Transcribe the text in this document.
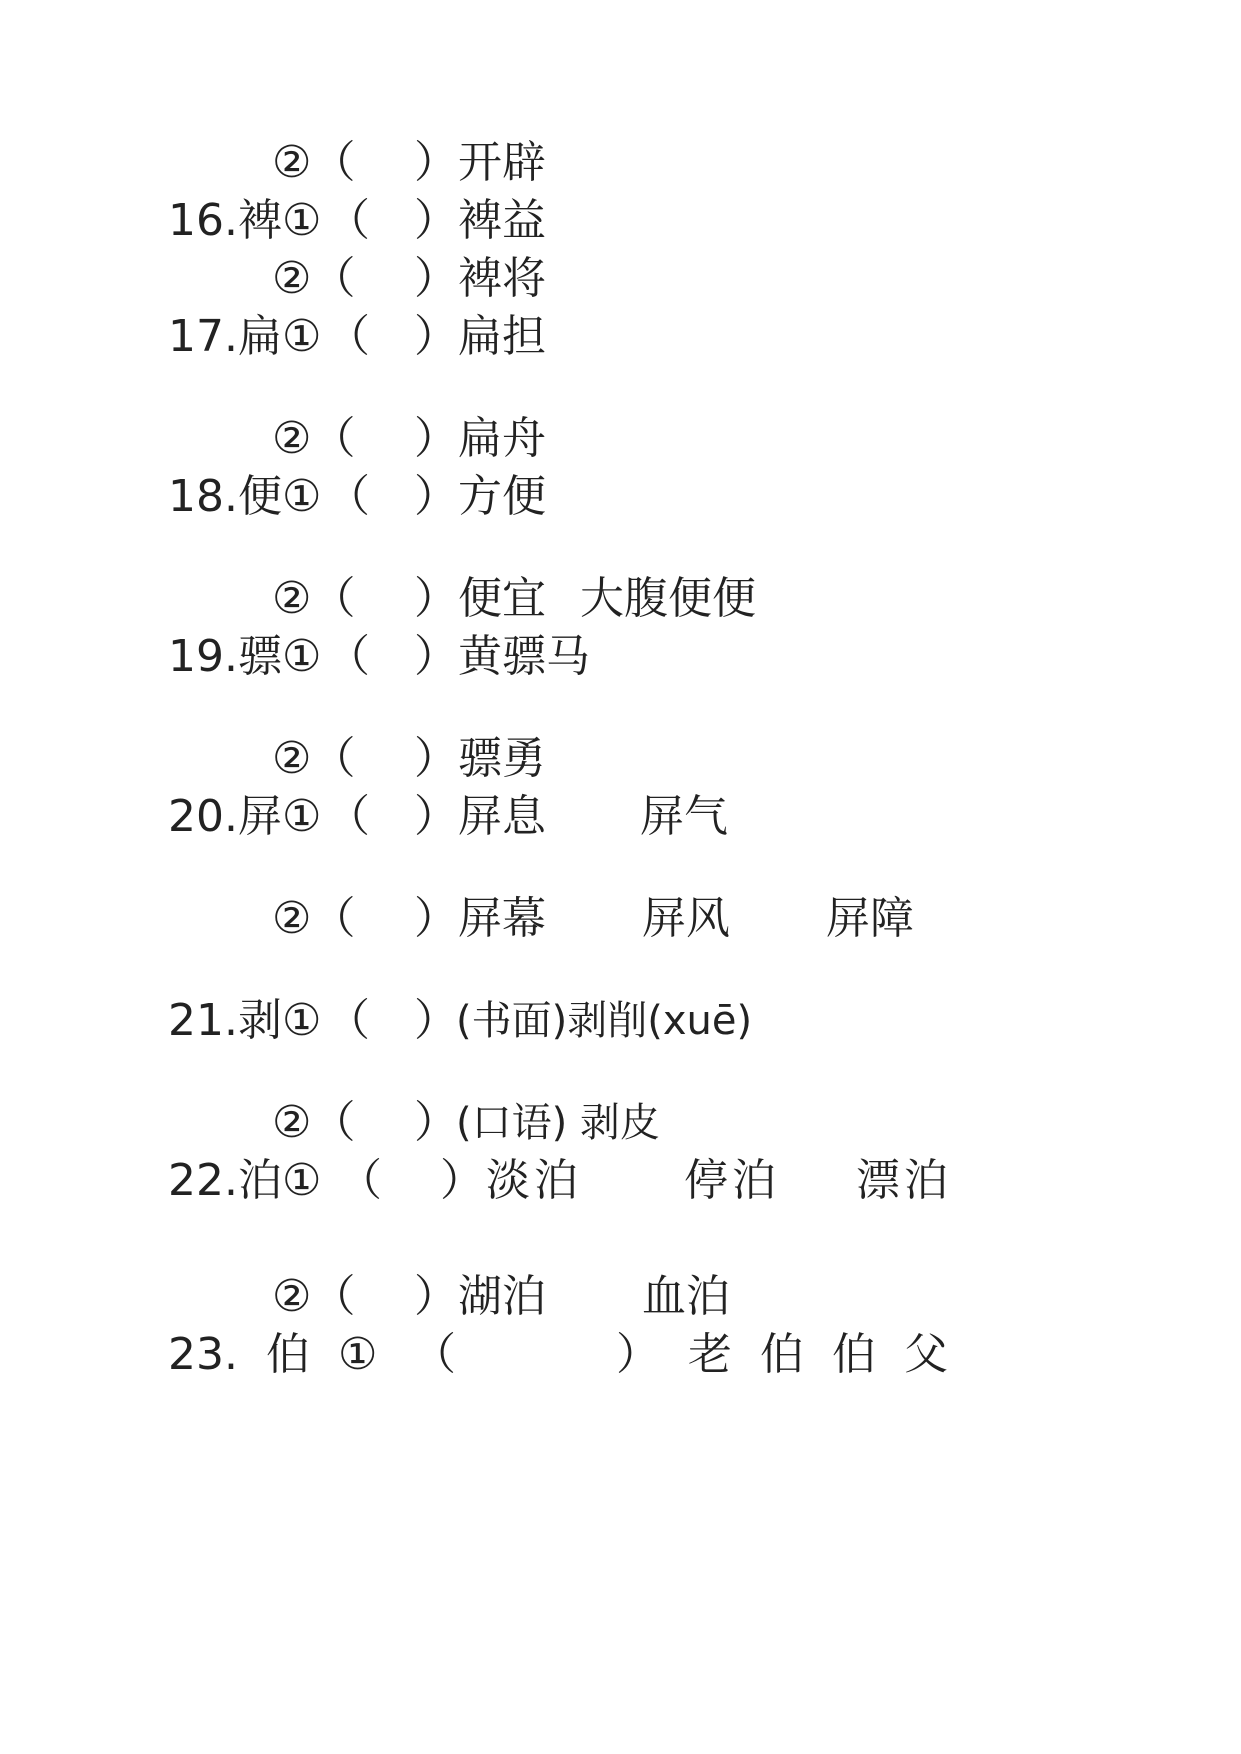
②（ ） 开辟
16.裨① （ ） 裨益
②（ ） 裨将
17.扁① （ ） 扁担
②（ ） 扁舟
18.便① （ ） 方便
②（ ） 便宜 大腹便便
19.骠① （ ） 黄骠马
②（ ） 骠勇
20.屏① （ ） 屏息 屏气
②（ ） 屏幕 屏风 屏障
21.剥① （ ）
(书面)剥削(xuē)
②（ ）
(口语) 剥皮
22.泊① （ ） 淡泊 停泊 漂泊
②（ ） 湖泊 血泊
23. 伯 ① （	） 老 伯 伯 父
